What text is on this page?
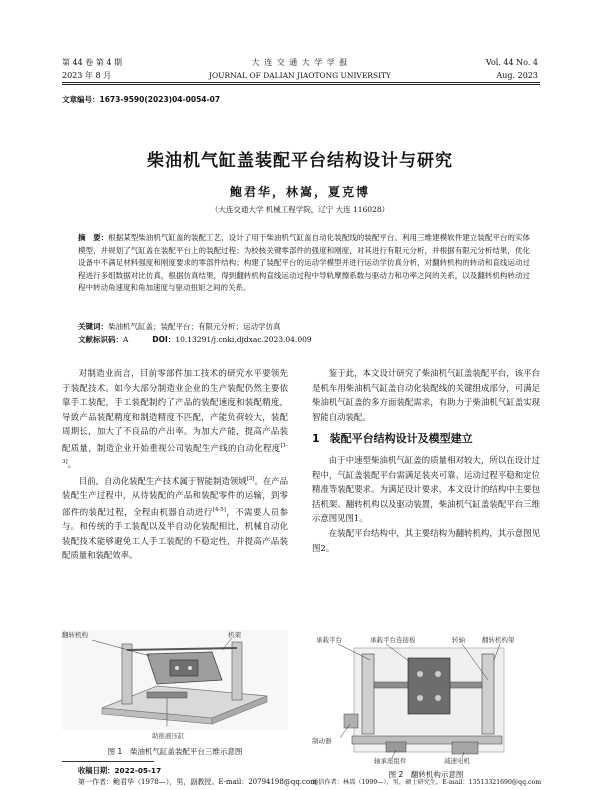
第 44 卷 第 4 期
2023 年 8 月
大 连 交 通 大 学 学 报
JOURNAL OF DALIAN JIAOTONG UNIVERSITY
Vol. 44 No. 4
Aug. 2023
文章编号：1673-9590(2023)04-0054-07
柴油机气缸盖装配平台结构设计与研究
鲍君华，林嵩，夏克博
（大连交通大学 机械工程学院，辽宁 大连 116028）
摘　要：根据某型柴油机气缸盖的装配工艺，设计了用于柴油机气缸盖自动化装配线的装配平台。利用三维建模软件建立装配平台的实体模型，并规划了气缸盖在装配平台上的装配过程；为校核关键零部件的强度和刚度，对其进行有限元分析，并根据有限元分析结果，优化设备中不满足材料强度和刚度要求的零部件结构；构建了装配平台的运动学模型并进行运动学仿真分析，对翻转机构的转动和直线运动过程进行多组数据对比仿真，根据仿真结果，得到翻转机构直线运动过程中导轨摩擦系数与驱动力和功率之间的关系，以及翻转机构转动过程中转动角速度和角加速度与驱动扭矩之间的关系。
关键词：柴油机气缸盖；装配平台；有限元分析；运动学仿真
文献标识码：A	DOI：10.13291/j.cnki.djdxac.2023.04.009

对制造业而言，目前零部件加工技术的研究水平要领先于装配技术。如今大部分制造业企业的生产装配仍然主要依靠手工装配，手工装配制约了产品的装配速度和装配精度，导致产品装配精度和制造精度不匹配，产能负荷较大，装配周期长，加大了不良品的产出率。为加大产能，提高产品装配质量，制造企业开始重视公司装配生产线的自动化程度[1-3]。

目前，自动化装配生产技术属于智能制造领域[3]。在产品装配生产过程中，从待装配的产品和装配零件的运输，到零部件的装配过程，全程由机器自动进行[4-5]，不需要人员参与。和传统的手工装配以及半自动化装配相比，机械自动化装配技术能够避免工人手工装配的不稳定性，并提高产品装配质量和装配效率。

翻转机构	机架
助推液压缸
图 1　柴油机气缸盖装配平台三维示意图

鉴于此，本文设计研究了柴油机气缸盖装配平台，该平台是机车用柴油机气缸盖自动化装配线的关键组成部分，可满足柴油机气缸盖的多方面装配需求，有助力于柴油机气缸盖实现智能自动装配。

1 装配平台结构设计及模型建立

由于中速型柴油机气缸盖的质量相对较大，所以在设计过程中，气缸盖装配平台需满足装夹可靠、运动过程平稳和定位精准等装配要求。为满足设计要求，本文设计的结构中主要包括机架、翻转机构以及驱动装置，柴油机气缸盖装配平台三维示意图见图1。

在装配平台结构中，其主要结构为翻转机构，其示意图见图2。

承载平台	承载平台连接板	转轴	翻转机构架
制动器
轴承座组件	减速电机
图 2　翻转机构示意图
收稿日期：2022-05-17
第一作者：鲍君华（1978—），男，副教授。E-mail：20794198@qq.com
通信作者：林嵩（1999—），男，硕士研究生。E-mail：13513321690@qq.com
